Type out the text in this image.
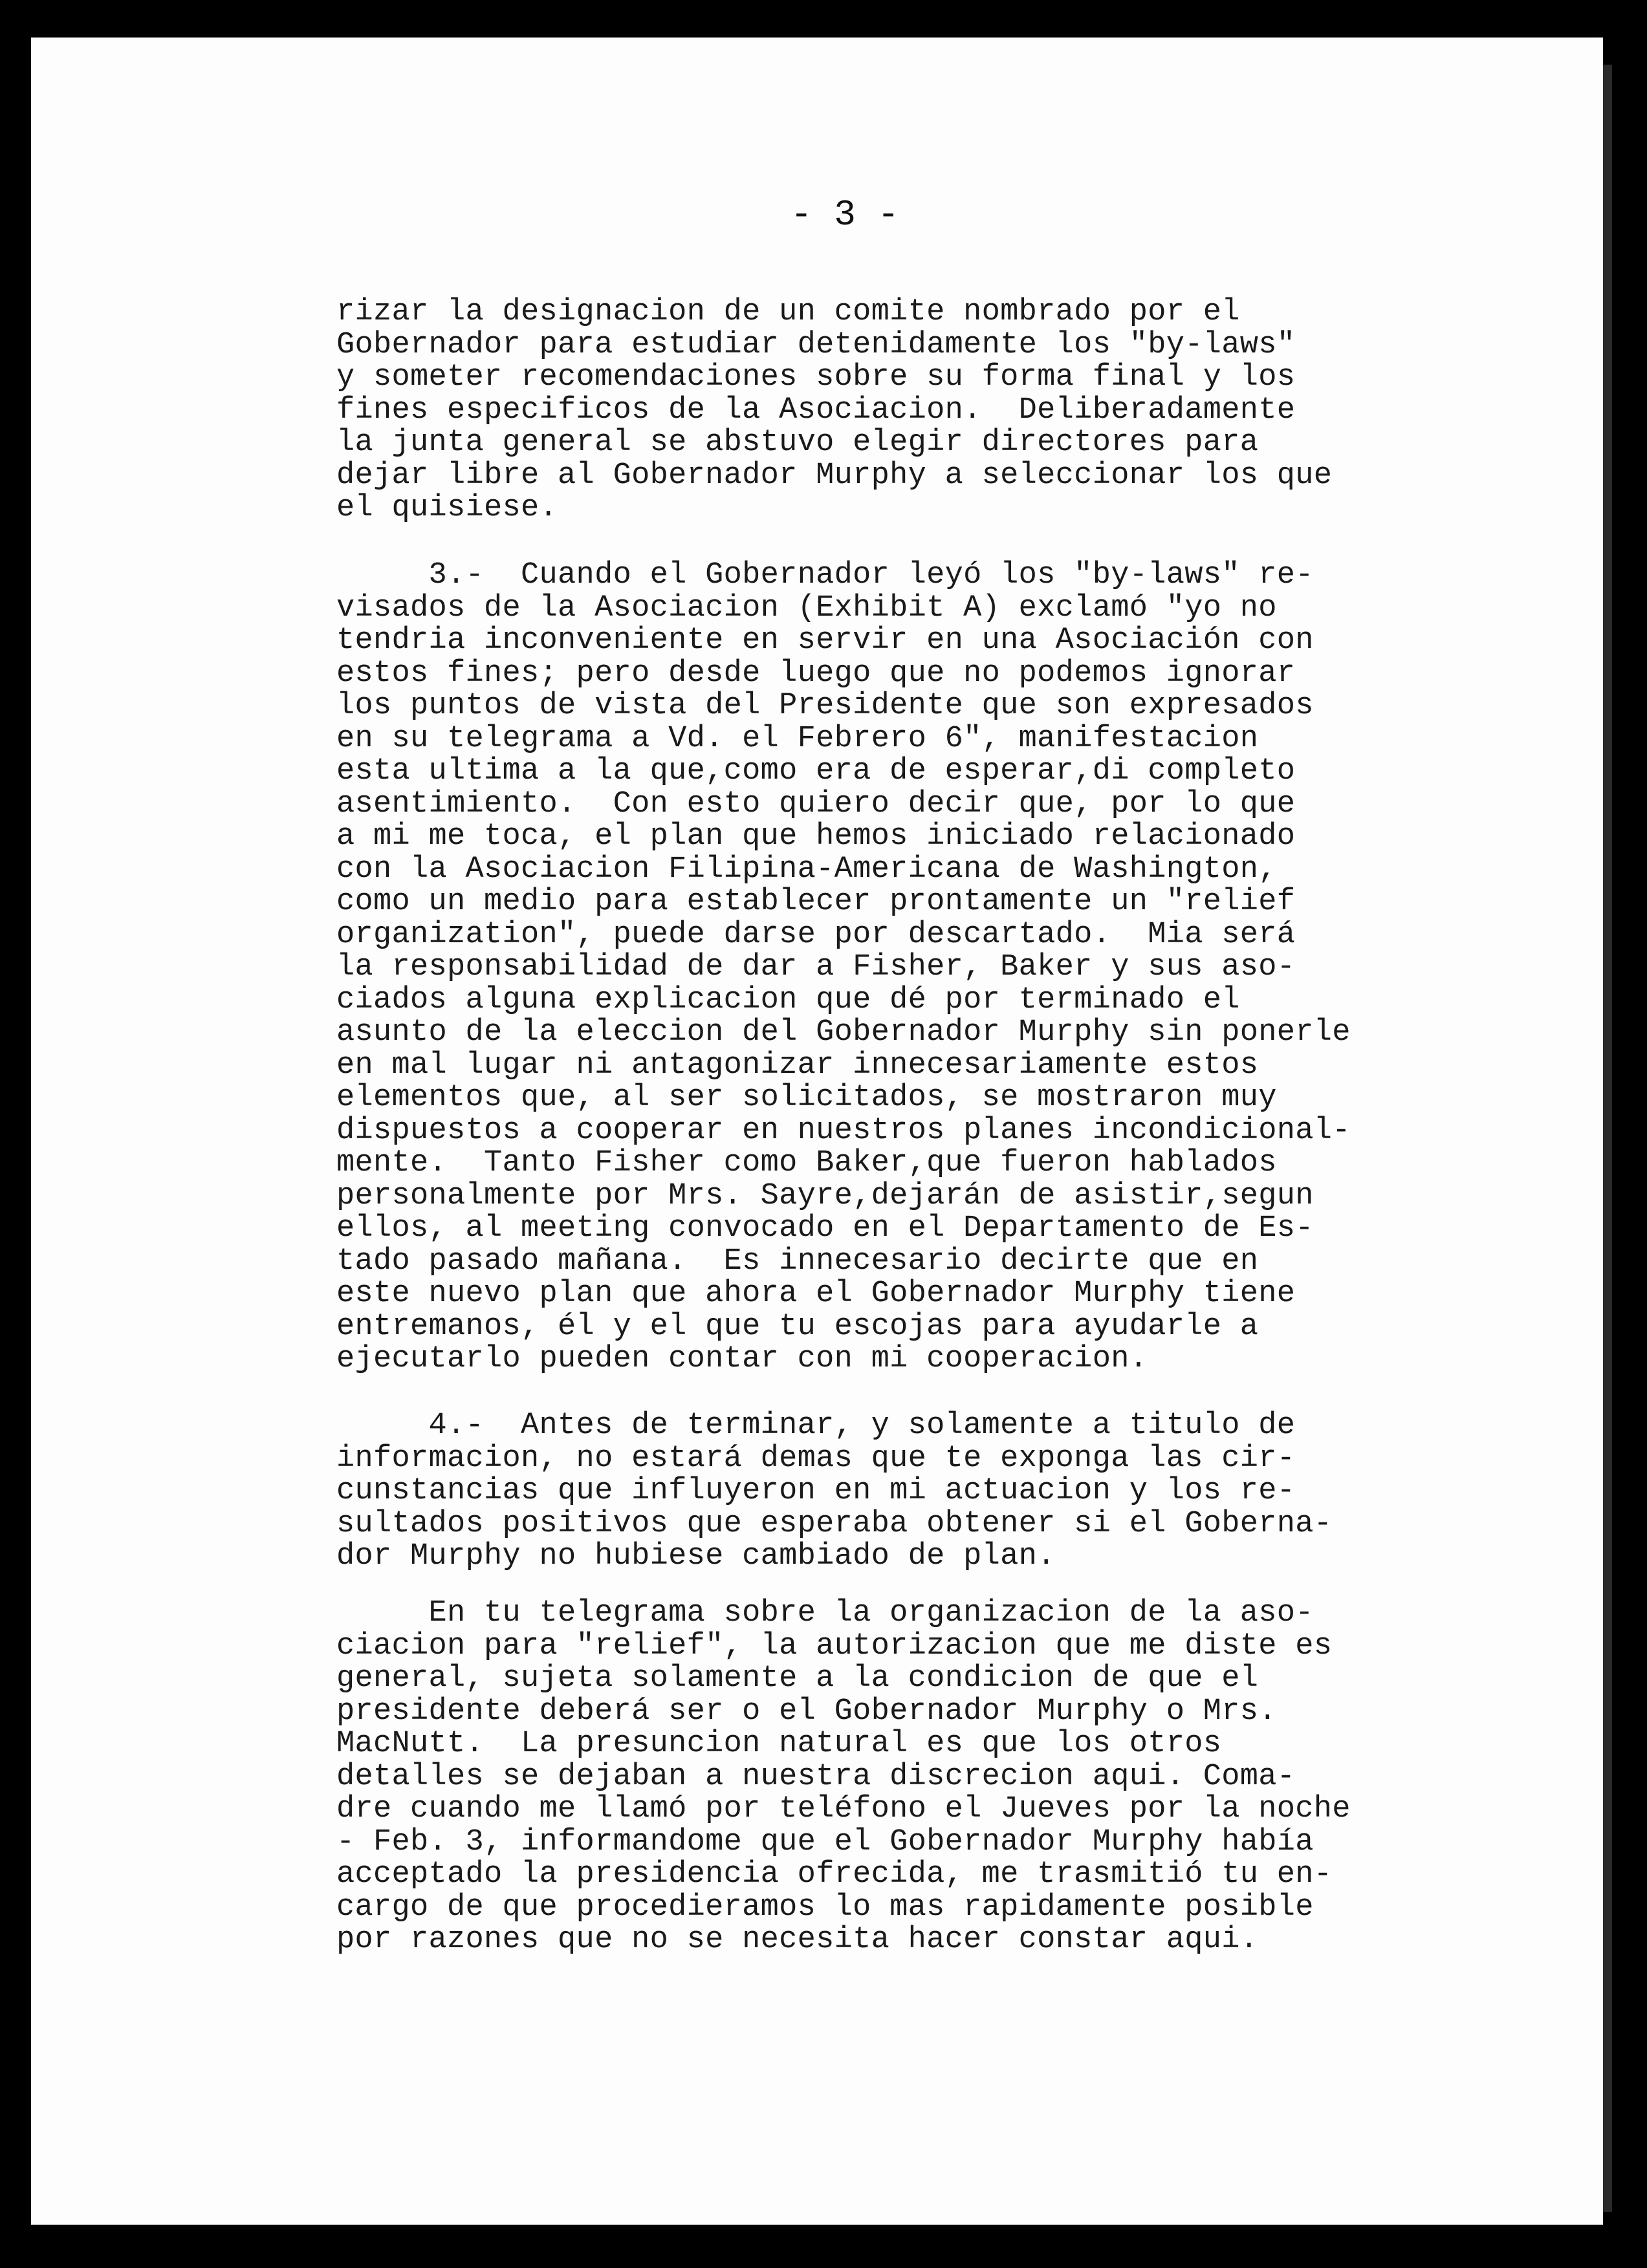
- 3 -
rizar la designacion de un comite nombrado por el
Gobernador para estudiar detenidamente los "by-laws"
y someter recomendaciones sobre su forma final y los
fines especificos de la Asociacion.  Deliberadamente
la junta general se abstuvo elegir directores para
dejar libre al Gobernador Murphy a seleccionar los que
el quisiese.
3.-  Cuando el Gobernador leyó los "by-laws" re-
visados de la Asociacion (Exhibit A) exclamó "yo no
tendria inconveniente en servir en una Asociación con
estos fines; pero desde luego que no podemos ignorar
los puntos de vista del Presidente que son expresados
en su telegrama a Vd. el Febrero 6", manifestacion
esta ultima a la que,como era de esperar,di completo
asentimiento.  Con esto quiero decir que, por lo que
a mi me toca, el plan que hemos iniciado relacionado
con la Asociacion Filipina-Americana de Washington,
como un medio para establecer prontamente un "relief
organization", puede darse por descartado.  Mia será
la responsabilidad de dar a Fisher, Baker y sus aso-
ciados alguna explicacion que dé por terminado el
asunto de la eleccion del Gobernador Murphy sin ponerle
en mal lugar ni antagonizar innecesariamente estos
elementos que, al ser solicitados, se mostraron muy
dispuestos a cooperar en nuestros planes incondicional-
mente.  Tanto Fisher como Baker,que fueron hablados
personalmente por Mrs. Sayre,dejarán de asistir,segun
ellos, al meeting convocado en el Departamento de Es-
tado pasado mañana.  Es innecesario decirte que en
este nuevo plan que ahora el Gobernador Murphy tiene
entremanos, él y el que tu escojas para ayudarle a
ejecutarlo pueden contar con mi cooperacion.
4.-  Antes de terminar, y solamente a titulo de
informacion, no estará demas que te exponga las cir-
cunstancias que influyeron en mi actuacion y los re-
sultados positivos que esperaba obtener si el Goberna-
dor Murphy no hubiese cambiado de plan.
En tu telegrama sobre la organizacion de la aso-
ciacion para "relief", la autorizacion que me diste es
general, sujeta solamente a la condicion de que el
presidente deberá ser o el Gobernador Murphy o Mrs.
MacNutt.  La presuncion natural es que los otros
detalles se dejaban a nuestra discrecion aqui. Coma-
dre cuando me llamó por teléfono el Jueves por la noche
- Feb. 3, informandome que el Gobernador Murphy había
acceptado la presidencia ofrecida, me trasmitió tu en-
cargo de que procedieramos lo mas rapidamente posible
por razones que no se necesita hacer constar aqui.
